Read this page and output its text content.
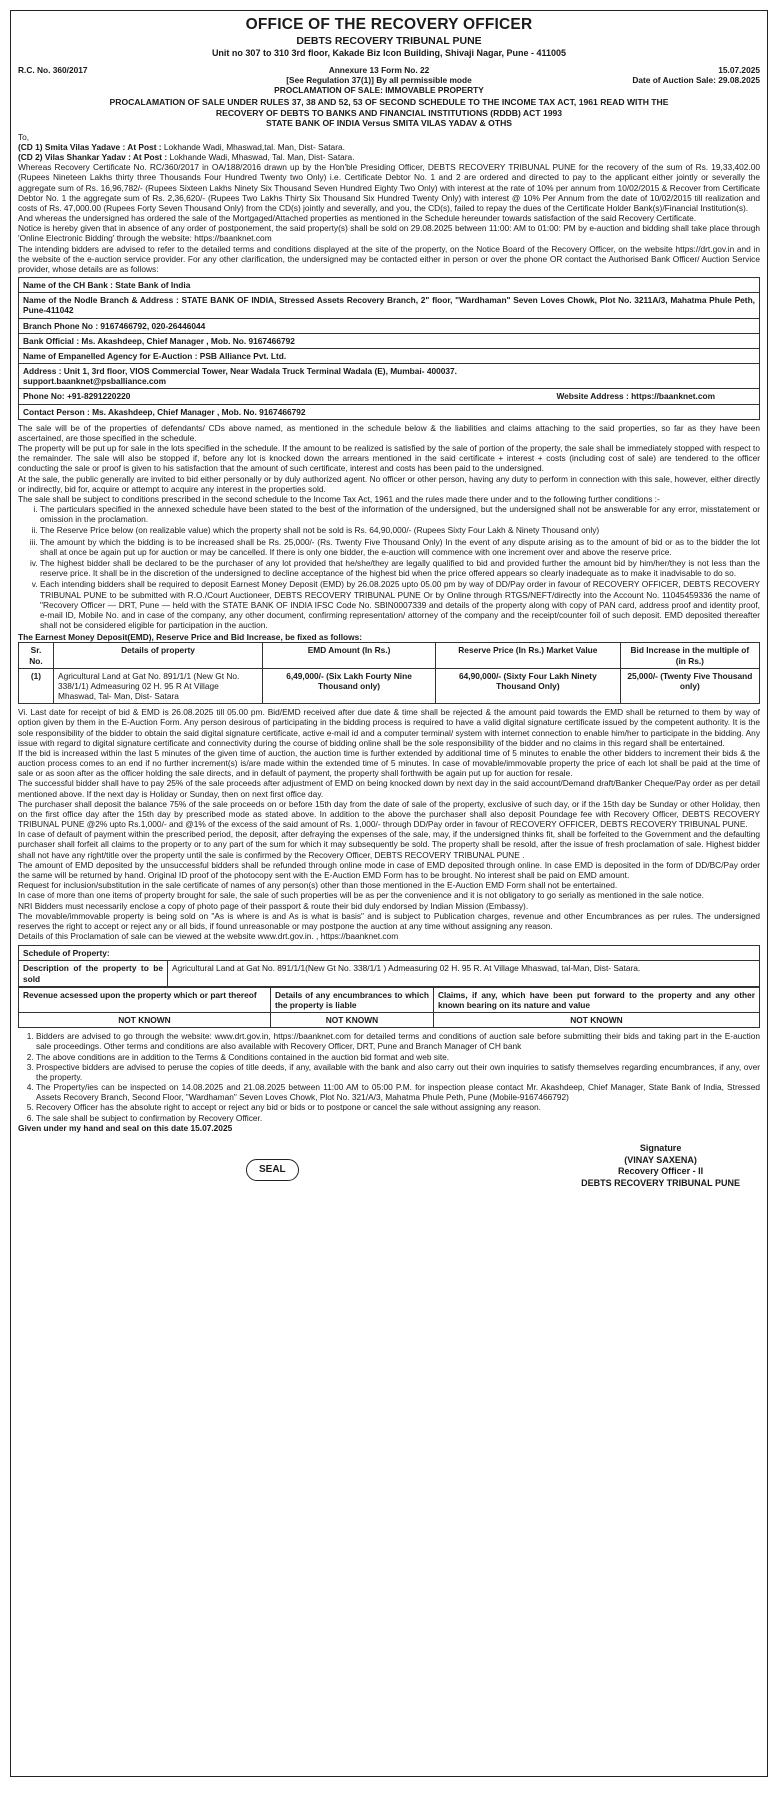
OFFICE OF THE RECOVERY OFFICER
DEBTS RECOVERY TRIBUNAL PUNE
Unit no 307 to 310 3rd floor, Kakade Biz Icon Building, Shivaji Nagar, Pune - 411005
R.C. No. 360/2017	Annexure 13 Form No. 22
[See Regulation 37(1)] By all permissible mode
PROCLAMATION OF SALE: IMMOVABLE PROPERTY
15.07.2025
Date of Auction Sale: 29.08.2025
PROCALAMATION OF SALE UNDER RULES 37, 38 AND 52, 53 OF SECOND SCHEDULE TO THE INCOME TAX ACT, 1961 READ WITH THE
RECOVERY OF DEBTS TO BANKS AND FINANCIAL INSTITUTIONS (RDDB) ACT 1993
STATE BANK OF INDIA Versus SMITA VILAS YADAV & OTHS
To,
(CD 1) Smita Vilas Yadave : At Post : Lokhande Wadi, Mhaswad,tal. Man, Dist- Satara.
(CD 2) Vilas Shankar Yadav : At Post : Lokhande Wadi, Mhaswad, Tal. Man, Dist- Satara.
Whereas Recovery Certificate No. RC/360/2017 in OA/188/2016 drawn up by the Hon'ble Presiding Officer, DEBTS RECOVERY TRIBUNAL PUNE for the recovery of the sum of Rs. 19,33,402.00 (Rupees Nineteen Lakhs thirty three Thousands Four Hundred Twenty two Only) i.e. Certificate Debtor No. 1 and 2 are ordered and directed to pay to the applicant either jointly or severally the aggregate sum of Rs. 16,96,782/- (Rupees Sixteen Lakhs Ninety Six Thousand Seven Hundred Eighty Two Only) with interest at the rate of 10% per annum from 10/02/2015 & Recover from Certificate Debtor No. 1 the aggregate sum of Rs. 2,36,620/- (Rupees Two Lakhs Thirty Six Thousand Six Hundred Twenty Only) with interest @ 10% Per Annum from the date of 10/02/2015 till realization and costs of Rs. 47,000.00 (Rupees Forty Seven Thousand Only) from the CD(s) jointly and severally, and you, the CD(s), failed to repay the dues of the Certificate Holder Bank(s)/Financial Institution(s).
And whereas the undersigned has ordered the sale of the Mortgaged/Attached properties as mentioned in the Schedule hereunder towards satisfaction of the said Recovery Certificate.
Notice is hereby given that in absence of any order of postponement, the said property(s) shall be sold on 29.08.2025 between 11:00: AM to 01:00: PM by e-auction and bidding shall take place through 'Online Electronic Bidding' through the website: https://baanknet.com
The intending bidders are advised to refer to the detailed terms and conditions displayed at the site of the property, on the Notice Board of the Recovery Officer, on the website https://drt.gov.in and in the website of the e-auction service provider. For any other clarification, the undersigned may be contacted either in person or over the phone OR contact the Authorised Bank Officer/ Auction Service provider, whose details are as follows:
Name of the CH Bank : State Bank of India
Name of the Nodle Branch & Address : STATE BANK OF INDIA, Stressed Assets Recovery Branch, 2" floor, "Wardhaman" Seven Loves Chowk, Plot No. 3211A/3, Mahatma Phule Peth, Pune-411042
Branch Phone No : 9167466792, 020-26446044
Bank Official : Ms. Akashdeep, Chief Manager , Mob. No. 9167466792
Name of Empanelled Agency for E-Auction : PSB Alliance Pvt. Ltd.

Address : Unit 1, 3rd floor, VIOS Commercial Tower, Near Wadala Truck Terminal Wadala (E), Mumbai- 400037.
support.baanknet@psballiance.com

Phone No: +91-8291220220	Website Address : https://baanknet.com

Contact Person : Ms. Akashdeep, Chief Manager , Mob. No. 9167466792
The sale will be of the properties of defendants/ CDs above named, as mentioned in the schedule below & the liabilities and claims attaching to the said properties, so far as they have been ascertained, are those specified in the schedule.
The property will be put up for sale in the lots specified in the schedule. If the amount to be realized is satisfied by the sale of portion of the property, the sale shall be immediately stopped with respect to the remainder. The sale will also be stopped if, before any lot is knocked down the arrears mentioned in the said certificate + interest + costs (including cost of sale) are tendered to the officer conducting the sale or proof is given to his satisfaction that the amount of such certificate, interest and costs has been paid to the undersigned.
At the sale, the public generally are invited to bid either personally or by duly authorized agent. No officer or other person, having any duty to perform in connection with this sale, however, either directly or indirectly, bid for, acquire or attempt to acquire any interest in the properties sold.
The sale shall be subject to conditions prescribed in the second schedule to the Income Tax Act, 1961 and the rules made there under and to the following further conditions :-
i. The particulars specified in the annexed schedule have been stated to the best of the information of the undersigned, but the undersigned shall not be answerable for any error, misstatement or omission in the proclamation.
ii. The Reserve Price below (on realizable value) which the property shall not be sold is Rs. 64,90,000/- (Rupees Sixty Four Lakh & Ninety Thousand only)
iii. The amount by which the bidding is to be increased shall be Rs. 25,000/- (Rs. Twenty Five Thousand Only) In the event of any dispute arising as to the amount of bid or as to the bidder the lot shall at once be again put up for auction or may be cancelled. If there is only one bidder, the e-auction will commence with one increment over and above the reserve price.
iv. The highest bidder shall be declared to be the purchaser of any lot provided that he/she/they are legally qualified to bid and provided further the amount bid by him/her/they is not less than the reserve price. It shall be in the discretion of the undersigned to decline acceptance of the highest bid when the price offered appears so clearly inadequate as to make it inadvisable to do so.
v. Each intending bidders shall be required to deposit Earnest Money Deposit (EMD) by 26.08.2025 upto 05.00 pm by way of DD/Pay order in favour of RECOVERY OFFICER, DEBTS RECOVERY TRIBUNAL PUNE to be submitted with R.O./Court Auctioneer, DEBTS RECOVERY TRIBUNAL PUNE Or by Online through RTGS/NEFT/directly into the Account No. 11045459336 the name of "Recovery Officer — DRT, Pune — held with the STATE BANK OF INDIA IFSC Code No. SBIN0007339 and details of the property along with copy of PAN card, address proof and identity proof, e-mail ID, Mobile No. and in case of the company, any other document, confirming representation/ attorney of the company and the receipt/counter foil of such deposit. EMD deposited thereafter shall not be considered eligible for participation in the auction.
The Earnest Money Deposit(EMD), Reserve Price and Bid Increase, be fixed as follows:
Sr. No.	Details of property	EMD Amount (In Rs.)	Reserve Price (In Rs.) Market Value	Bid Increase in the multiple of (in Rs.)
(1)	Agricultural Land at Gat No. 891/1/1 (New Gt No. 338/1/1) Admeasuring 02 H. 95 R At Village Mhaswad, Tal- Man, Dist- Satara	6,49,000/- (Six Lakh Fourty Nine Thousand only)	64,90,000/- (Sixty Four Lakh Ninety Thousand Only)	25,000/- (Twenty Five Thousand only)
Vi. Last date for receipt of bid & EMD is 26.08.2025 till 05.00 pm. Bid/EMD received after due date & time shall be rejected & the amount paid towards the EMD shall be returned to them by way of option given by them in the E-Auction Form. Any person desirous of participating in the bidding process is required to have a valid digital signature certificate issued by the competent authority. It is the sole responsibility of the bidder to obtain the said digital signature certificate, active e-mail id and a computer terminal/ system with internet connection to enable him/her to participate in the bidding. Any issue with regard to digital signature certificate and connectivity during the course of bidding online shall be the sole responsibility of the bidder and no claims in this regard shall be entertained.
If the bid is increased within the last 5 minutes of the given time of auction, the auction time is further extended by additional time of 5 minutes to enable the other bidders to increment their bids & the auction process comes to an end if no further increment(s) is/are made within the extended time of 5 minutes. In case of movable/immovable property the price of each lot shall be paid at the time of sale or as soon after as the officer holding the sale directs, and in default of payment, the property shall forthwith be again put up for auction for resale.
The successful bidder shall have to pay 25% of the sale proceeds after adjustment of EMD on being knocked down by next day in the said account/Demand draft/Banker Cheque/Pay order as per detail mentioned above. If the next day is Holiday or Sunday, then on next first office day.
The purchaser shall deposit the balance 75% of the sale proceeds on or before 15th day from the date of sale of the property, exclusive of such day, or if the 15th day be Sunday or other Holiday, then on the first office day after the 15th day by prescribed mode as stated above. In addition to the above the purchaser shall also deposit Poundage fee with Recovery Officer, DEBTS RECOVERY TRIBUNAL PUNE @2% upto Rs.1,000/- and @1% of the excess of the said amount of Rs. 1,000/- through DD/Pay order in favour of RECOVERY OFFICER, DEBTS RECOVERY TRIBUNAL PUNE.
In case of default of payment within the prescribed period, the deposit, after defraying the expenses of the sale, may, if the undersigned thinks fit, shall be forfeited to the Government and the defaulting purchaser shall forfeit all claims to the property or to any part of the sum for which it may subsequently be sold. The property shall be resold, after the issue of fresh proclamation of sale. Highest bidder shall not have any right/title over the property until the sale is confirmed by the Recovery Officer, DEBTS RECOVERY TRIBUNAL PUNE .
The amount of EMD deposited by the unsuccessful bidders shall be refunded through online mode in case of EMD deposited through online. In case EMD is deposited in the form of DD/BC/Pay order the same will be returned by hand. Original ID proof of the photocopy sent with the E-Auction EMD Form has to be brought. No interest shall be paid on EMD amount.
Request for inclusion/substitution in the sale certificate of names of any person(s) other than those mentioned in the E-Auction EMD Form shall not be entertained.
In case of more than one items of property brought for sale, the sale of such properties will be as per the convenience and it is not obligatory to go serially as mentioned in the sale notice.
NRI Bidders must necessarily enclose a copy of photo page of their passport & route their bid duly endorsed by Indian Mission (Embassy).
The movable/immovable property is being sold on "As is where is and As is what is basis" and is subject to Publication charges, revenue and other Encumbrances as per rules. The undersigned reserves the right to accept or reject any or all bids, if found unreasonable or may postpone the auction at any time without assigning any reason.
Details of this Proclamation of sale can be viewed at the website www.drt.gov.in. , https://baanknet.com
Schedule of Property:
Description of the property to be sold	Agricultural Land at Gat No. 891/1/1(New Gt No. 338/1/1 ) Admeasuring 02 H. 95 R. At Village Mhaswad, tal-Man, Dist- Satara.
Revenue acsessed upon the property which or part thereof	Details of any encumbrances to which the property is liable	Claims, if any, which have been put forward to the property and any other known bearing on its nature and value
NOT KNOWN	NOT KNOWN	NOT KNOWN
1. Bidders are advised to go through the website: www.drt.gov.in, https://baanknet.com for detailed terms and conditions of auction sale before submitting their bids and taking part in the E-auction sale proceedings. Other terms and conditions are also available with Recovery Officer, DRT, Pune and Branch Manager of CH bank
2. The above conditions are in addition to the Terms & Conditions contained in the auction bid format and web site.
3. Prospective bidders are advised to peruse the copies of title deeds, if any, available with the bank and also carry out their own inquiries to satisfy themselves regarding encumbrances, if any, over the property.
4. The Property/ies can be inspected on 14.08.2025 and 21.08.2025 between 11:00 AM to 05:00 P.M. for inspection please contact Mr. Akashdeep, Chief Manager, State Bank of India, Stressed Assets Recovery Branch, Second Floor, "Wardhaman" Seven Loves Chowk, Plot No. 321/A/3, Mahatma Phule Peth, Pune (Mobile-9167466792)
5. Recovery Officer has the absolute right to accept or reject any bid or bids or to postpone or cancel the sale without assigning any reason.
6. The sale shall be subject to confirmation by Recovery Officer.
Given under my hand and seal on this date 15.07.2025
SEAL
Signature
(VINAY SAXENA)
Recovery Officer - II
DEBTS RECOVERY TRIBUNAL PUNE
